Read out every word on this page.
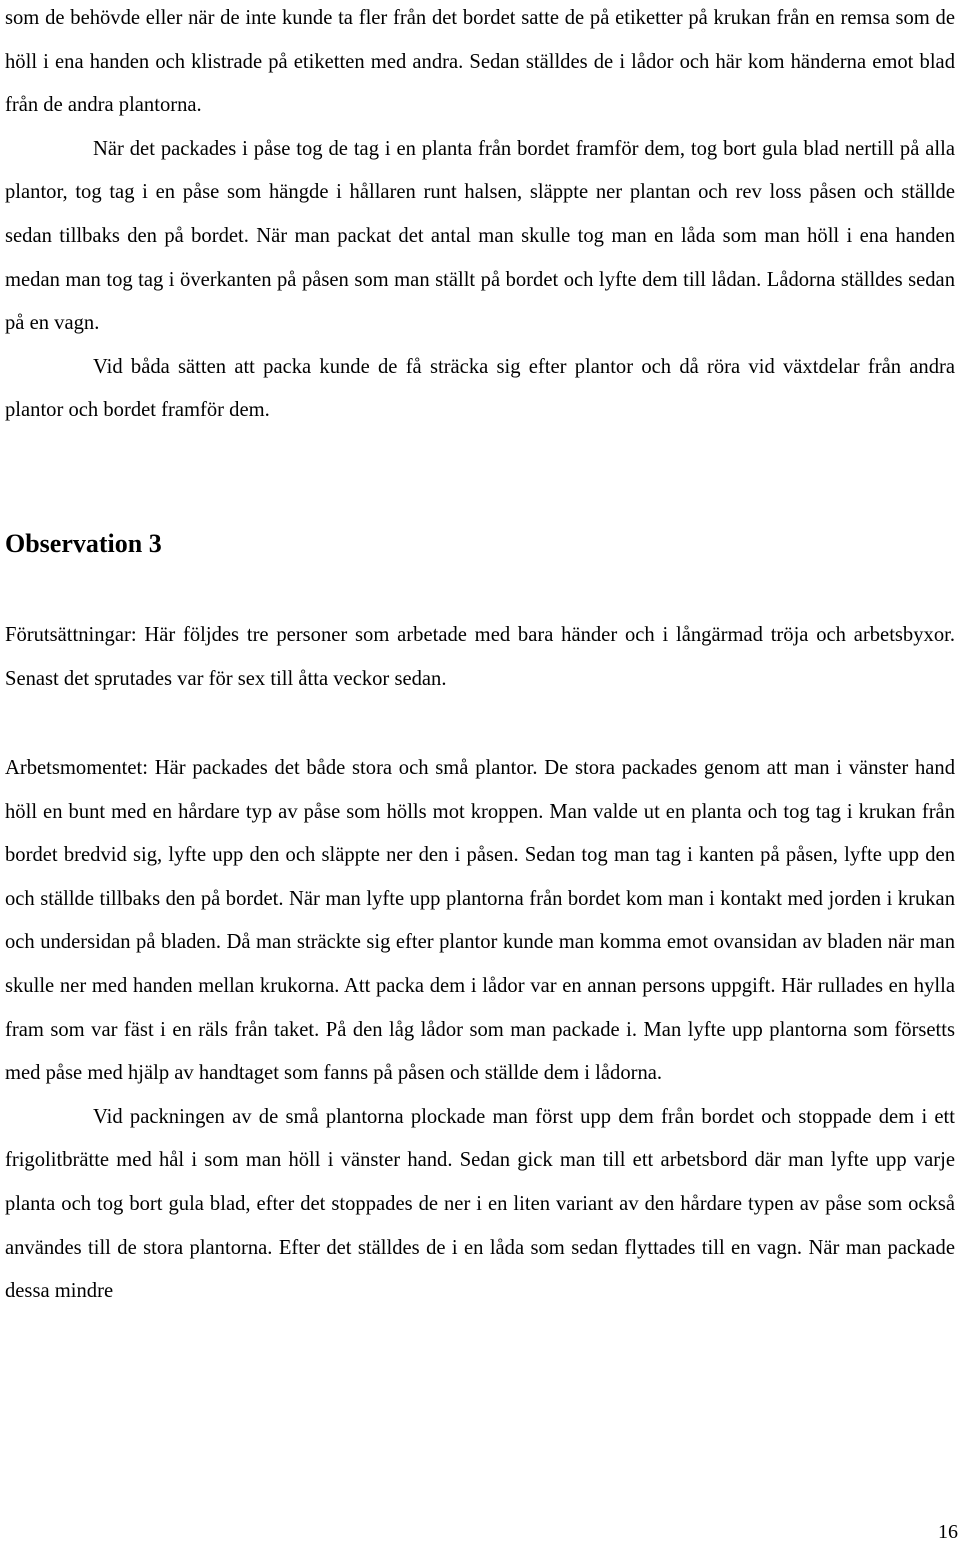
som de behövde eller när de inte kunde ta fler från det bordet satte de på etiketter på krukan från en remsa som de höll i ena handen och klistrade på etiketten med andra. Sedan ställdes de i lådor och här kom händerna emot blad från de andra plantorna.

När det packades i påse tog de tag i en planta från bordet framför dem, tog bort gula blad nertill på alla plantor, tog tag i en påse som hängde i hållaren runt halsen, släppte ner plantan och rev loss påsen och ställde sedan tillbaks den på bordet. När man packat det antal man skulle tog man en låda som man höll i ena handen medan man tog tag i överkanten på påsen som man ställt på bordet och lyfte dem till lådan. Lådorna ställdes sedan på en vagn.

Vid båda sätten att packa kunde de få sträcka sig efter plantor och då röra vid växtdelar från andra plantor och bordet framför dem.

Observation 3

Förutsättningar: Här följdes tre personer som arbetade med bara händer och i långärmad tröja och arbetsbyxor. Senast det sprutades var för sex till åtta veckor sedan.

Arbetsmomentet: Här packades det både stora och små plantor. De stora packades genom att man i vänster hand höll en bunt med en hårdare typ av påse som hölls mot kroppen. Man valde ut en planta och tog tag i krukan från bordet bredvid sig, lyfte upp den och släppte ner den i påsen. Sedan tog man tag i kanten på påsen, lyfte upp den och ställde tillbaks den på bordet. När man lyfte upp plantorna från bordet kom man i kontakt med jorden i krukan och undersidan på bladen. Då man sträckte sig efter plantor kunde man komma emot ovansidan av bladen när man skulle ner med handen mellan krukorna. Att packa dem i lådor var en annan persons uppgift. Här rullades en hylla fram som var fäst i en räls från taket. På den låg lådor som man packade i. Man lyfte upp plantorna som försetts med påse med hjälp av handtaget som fanns på påsen och ställde dem i lådorna.

Vid packningen av de små plantorna plockade man först upp dem från bordet och stoppade dem i ett frigolitbrätte med hål i som man höll i vänster hand. Sedan gick man till ett arbetsbord där man lyfte upp varje planta och tog bort gula blad, efter det stoppades de ner i en liten variant av den hårdare typen av påse som också användes till de stora plantorna. Efter det ställdes de i en låda som sedan flyttades till en vagn. När man packade dessa mindre

16
